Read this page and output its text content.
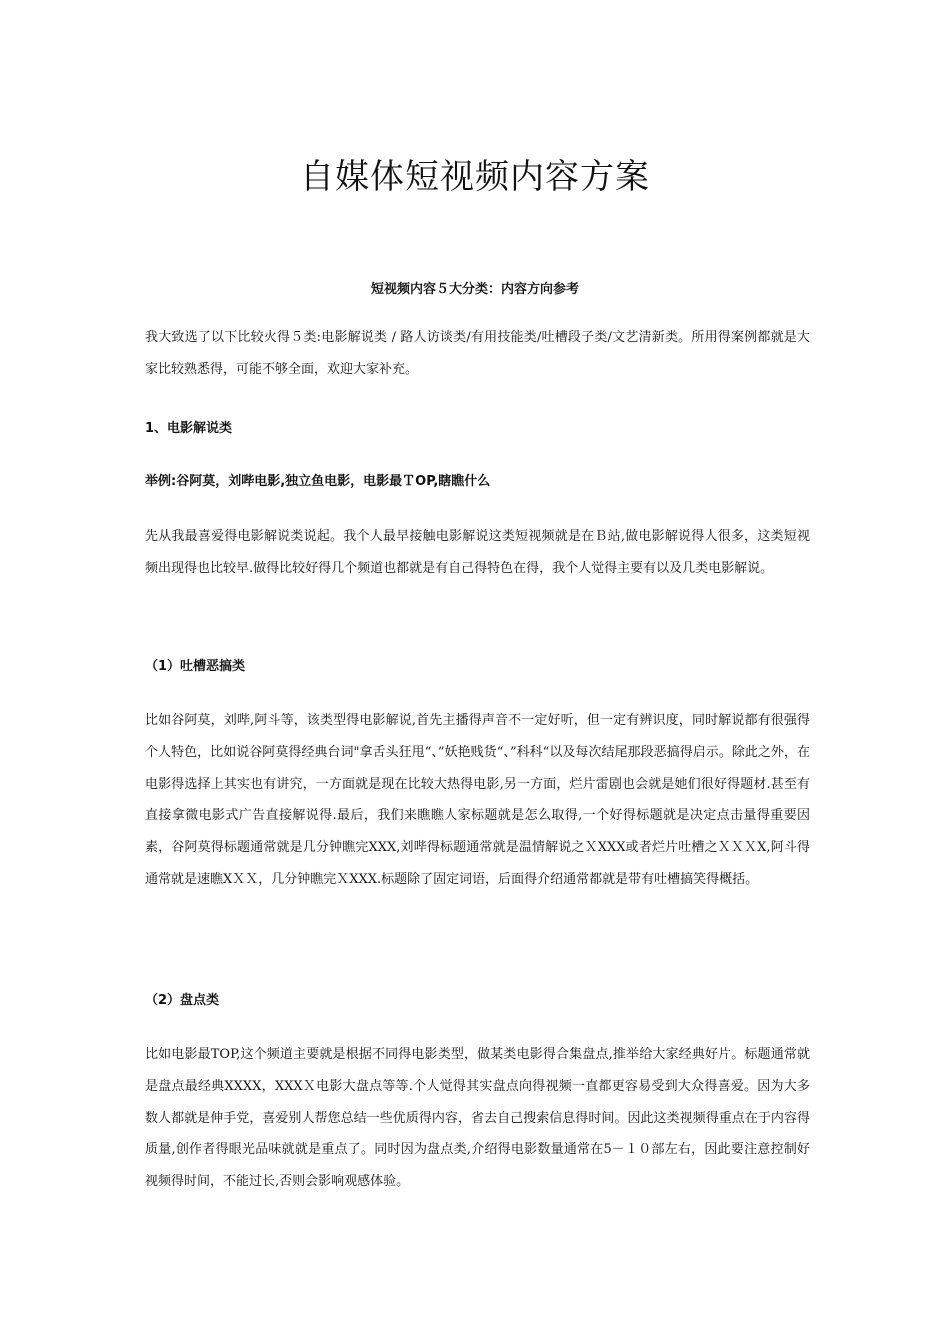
自媒体短视频内容方案

短视频内容５大分类：内容方向参考

我大致选了以下比较火得５类:电影解说类 / 路人访谈类/有用技能类/吐槽段子类/文艺清新类。所用得案例都就是大家比较熟悉得，可能不够全面，欢迎大家补充。

1、电影解说类

举例:谷阿莫，刘哔电影,独立鱼电影，电影最ＴOP,瞎瞧什么

先从我最喜爱得电影解说类说起。我个人最早接触电影解说这类短视频就是在Ｂ站,做电影解说得人很多，这类短视频出现得也比较早.做得比较好得几个频道也都就是有自己得特色在得，我个人觉得主要有以及几类电影解说。

（1）吐槽恶搞类

比如谷阿莫，刘哔,阿斗等，该类型得电影解说,首先主播得声音不一定好听，但一定有辨识度，同时解说都有很强得个人特色，比如说谷阿莫得经典台词"拿舌头狂甩“、”妖艳贱货“、”科科“以及每次结尾那段恶搞得启示。除此之外，在电影得选择上其实也有讲究，一方面就是现在比较大热得电影,另一方面，烂片雷剧也会就是她们很好得题材.甚至有直接拿微电影式广告直接解说得.最后，我们来瞧瞧人家标题就是怎么取得,一个好得标题就是决定点击量得重要因素，谷阿莫得标题通常就是几分钟瞧完XXX,刘哔得标题通常就是温情解说之ＸXXX或者烂片吐槽之ＸＸＸX,阿斗得通常就是速瞧XＸＸ，几分钟瞧完ＸXXX.标题除了固定词语，后面得介绍通常都就是带有吐槽搞笑得概括。

（2）盘点类

比如电影最TOP,这个频道主要就是根据不同得电影类型，做某类电影得合集盘点,推举给大家经典好片。标题通常就是盘点最经典XXXX，XXXＸ电影大盘点等等.个人觉得其实盘点向得视频一直都更容易受到大众得喜爱。因为大多数人都就是伸手党，喜爱别人帮您总结一些优质得内容，省去自己搜索信息得时间。因此这类视频得重点在于内容得质量,创作者得眼光品味就就是重点了。同时因为盘点类,介绍得电影数量通常在5－１０部左右，因此要注意控制好视频得时间，不能过长,否则会影响观感体验。
